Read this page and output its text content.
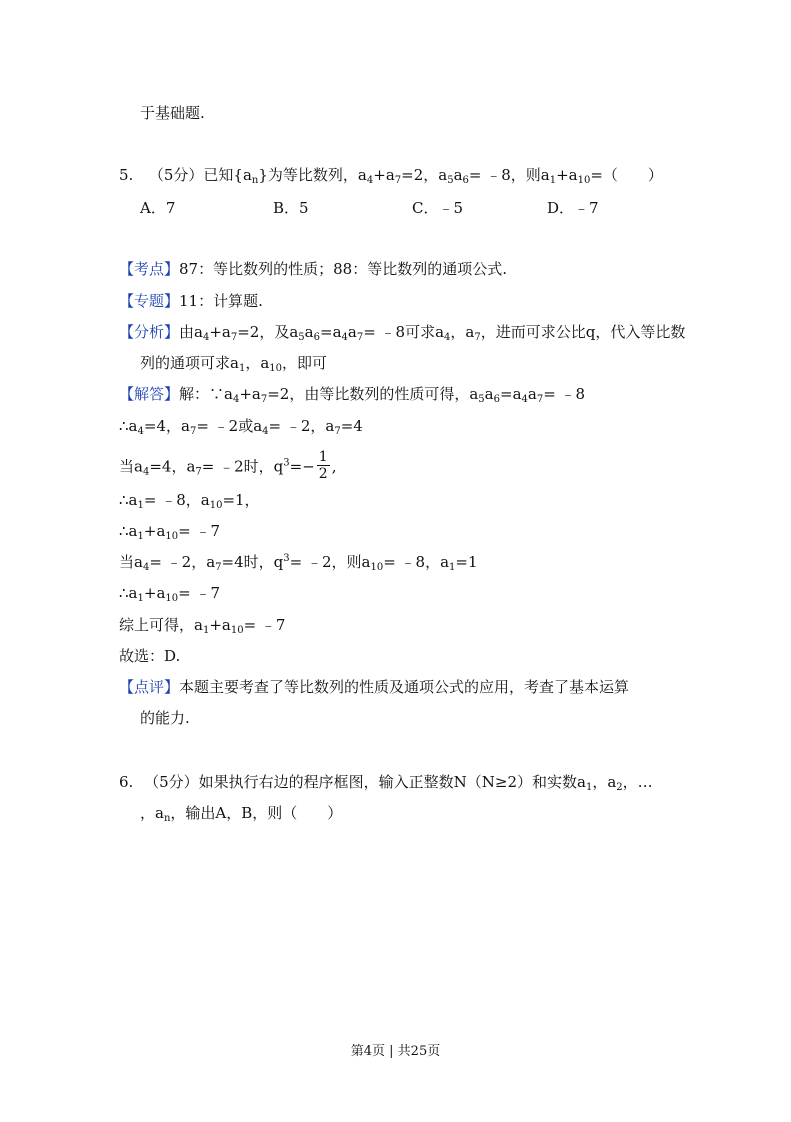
于基础题.
5. （5分）已知$\{a_n\}$为等比数列，$a_4+a_7=2$，$a_5a_6=$ ﹣8，则$a_1+a_{10}=$（　　）
A．7	B．5	C．﹣5	D．﹣7
【考点】87：等比数列的性质；88：等比数列的通项公式.
【专题】11：计算题.
【分析】由$a_4+a_7=2$，及$a_5a_6=a_4a_7=$ ﹣8可求$a_4$，$a_7$，进而可求公比q，代入等比数
列的通项可求$a_1$，$a_{10}$，即可
【解答】解：$\because a_4+a_7=2$，由等比数列的性质可得，$a_5a_6=a_4a_7=$ ﹣8
$\therefore a_4=4$，$a_7=$ ﹣2或$a_4=$ ﹣2，$a_7=4$
当$a_4=4$，$a_7=$ ﹣2时，$q^3=- \frac{1}{2}$ ,
$\therefore a_1=$ ﹣8，$a_{10}=1$，
$\therefore a_1+a_{10}=$ ﹣7
当$a_4=$ ﹣2，$a_7=4$时，$q^3=$ ﹣2，则$a_{10}=$ ﹣8，$a_1=1$
$\therefore a_1+a_{10}=$ ﹣7
综上可得，$a_1+a_{10}=$ ﹣7
故选：D.
【点评】本题主要考查了等比数列的性质及通项公式的应用，考查了基本运算
的能力.
6. （5分）如果执行右边的程序框图，输入正整数N（N≥2）和实数$a_1$，$a_2$，…
，$a_n$，输出A，B，则（　　）
第4页 | 共25页
